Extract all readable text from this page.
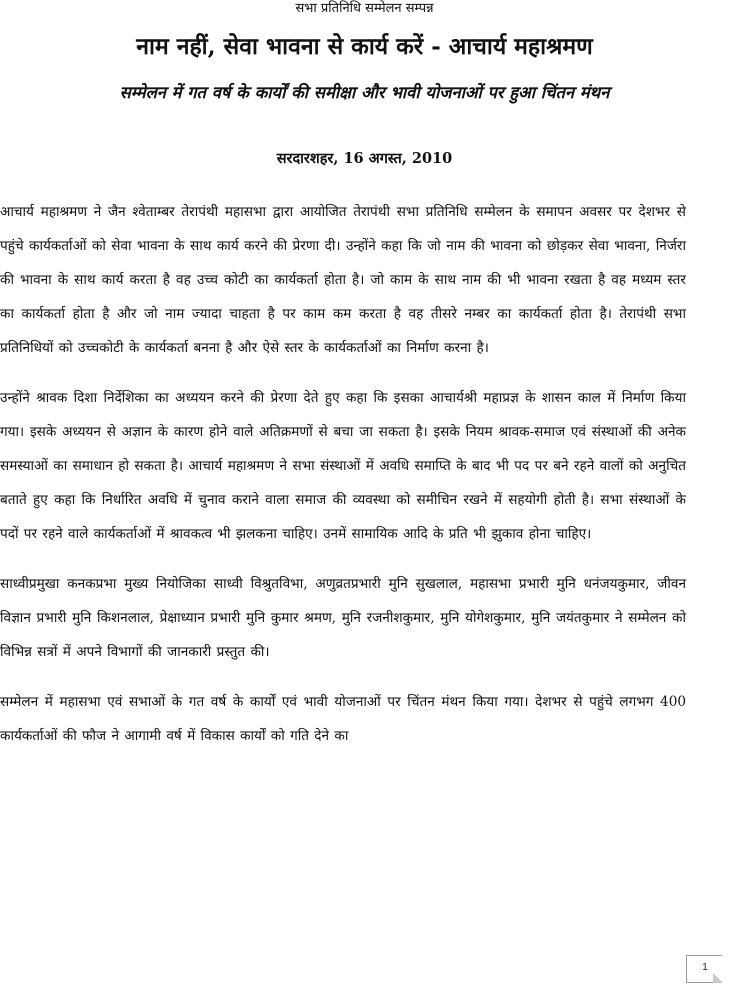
सभा प्रतिनिधि सम्मेलन सम्पन्न
नाम नहीं, सेवा भावना से कार्य करें - आचार्य महाश्रमण
सम्मेलन में गत वर्ष के कार्यों की समीक्षा और भावी योजनाओं पर हुआ चिंतन मंथन
सरदारशहर, 16 अगस्त, 2010

आचार्य महाश्रमण ने जैन श्वेताम्बर तेरापंथी महासभा द्वारा आयोजित तेरापंथी सभा प्रतिनिधि सम्मेलन के समापन अवसर पर देशभर से पहुंचे कार्यकर्ताओं को सेवा भावना के साथ कार्य करने की प्रेरणा दी। उन्होंने कहा कि जो नाम की भावना को छोड़कर सेवा भावना, निर्जरा की भावना के साथ कार्य करता है वह उच्च कोटी का कार्यकर्ता होता है। जो काम के साथ नाम की भी भावना रखता है वह मध्यम स्तर का कार्यकर्ता होता है और जो नाम ज्यादा चाहता है पर काम कम करता है वह तीसरे नम्बर का कार्यकर्ता होता है। तेरापंथी सभा प्रतिनिधियों को उच्चकोटी के कार्यकर्ता बनना है और ऐसे स्तर के कार्यकर्ताओं का निर्माण करना है।

उन्होंने श्रावक दिशा निर्देशिका का अध्ययन करने की प्रेरणा देते हुए कहा कि इसका आचार्यश्री महाप्रज्ञ के शासन काल में निर्माण किया गया। इसके अध्ययन से अज्ञान के कारण होने वाले अतिक्रमणों से बचा जा सकता है। इसके नियम श्रावक-समाज एवं संस्थाओं की अनेक समस्याओं का समाधान हो सकता है। आचार्य महाश्रमण ने सभा संस्थाओं में अवधि समाप्ति के बाद भी पद पर बने रहने वालों को अनुचित बताते हुए कहा कि निर्धारित अवधि में चुनाव कराने वाला समाज की व्यवस्था को समीचिन रखने में सहयोगी होती है। सभा संस्थाओं के पदों पर रहने वाले कार्यकर्ताओं में श्रावकत्व भी झलकना चाहिए। उनमें सामायिक आदि के प्रति भी झुकाव होना चाहिए।

साध्वीप्रमुखा कनकप्रभा मुख्य नियोजिका साध्वी विश्रुतविभा, अणुव्रतप्रभारी मुनि सुखलाल, महासभा प्रभारी मुनि धनंजयकुमार, जीवन विज्ञान प्रभारी मुनि किशनलाल, प्रेक्षाध्यान प्रभारी मुनि कुमार श्रमण, मुनि रजनीशकुमार, मुनि योगेशकुमार, मुनि जयंतकुमार ने सम्मेलन को विभिन्न सत्रों में अपने विभागों की जानकारी प्रस्तुत की।

सम्मेलन में महासभा एवं सभाओं के गत वर्ष के कार्यों एवं भावी योजनाओं पर चिंतन मंथन किया गया। देशभर से पहुंचे लगभग 400 कार्यकर्ताओं की फौज ने आगामी वर्ष में विकास कार्यों को गति देने का

1
